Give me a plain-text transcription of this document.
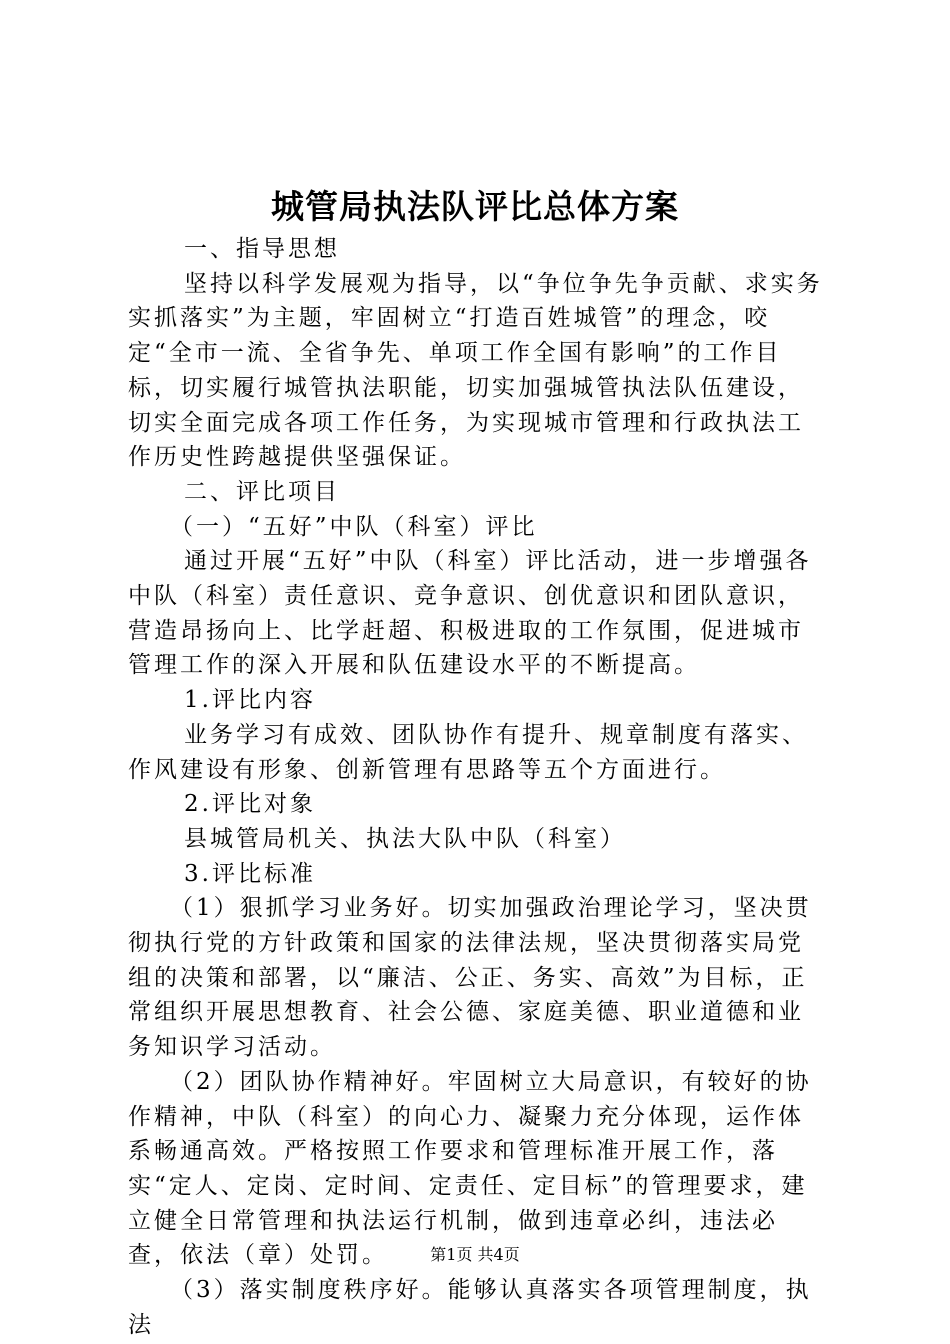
城管局执法队评比总体方案

一、指导思想

坚持以科学发展观为指导，以“争位争先争贡献、求实务实抓落实”为主题，牢固树立“打造百姓城管”的理念，咬定“全市一流、全省争先、单项工作全国有影响”的工作目标，切实履行城管执法职能，切实加强城管执法队伍建设，切实全面完成各项工作任务，为实现城市管理和行政执法工作历史性跨越提供坚强保证。

二、评比项目

（一）“五好”中队（科室）评比

通过开展“五好”中队（科室）评比活动，进一步增强各中队（科室）责任意识、竞争意识、创优意识和团队意识，营造昂扬向上、比学赶超、积极进取的工作氛围，促进城市管理工作的深入开展和队伍建设水平的不断提高。

1.评比内容

业务学习有成效、团队协作有提升、规章制度有落实、作风建设有形象、创新管理有思路等五个方面进行。

2.评比对象

县城管局机关、执法大队中队（科室）

3.评比标准

（1）狠抓学习业务好。切实加强政治理论学习，坚决贯彻执行党的方针政策和国家的法律法规，坚决贯彻落实局党组的决策和部署，以“廉洁、公正、务实、高效”为目标，正常组织开展思想教育、社会公德、家庭美德、职业道德和业务知识学习活动。

（2）团队协作精神好。牢固树立大局意识，有较好的协作精神，中队（科室）的向心力、凝聚力充分体现，运作体系畅通高效。严格按照工作要求和管理标准开展工作，落实“定人、定岗、定时间、定责任、定目标”的管理要求，建立健全日常管理和执法运行机制，做到违章必纠，违法必查，依法（章）处罚。

（3）落实制度秩序好。能够认真落实各项管理制度，执法

第1页 共4页
